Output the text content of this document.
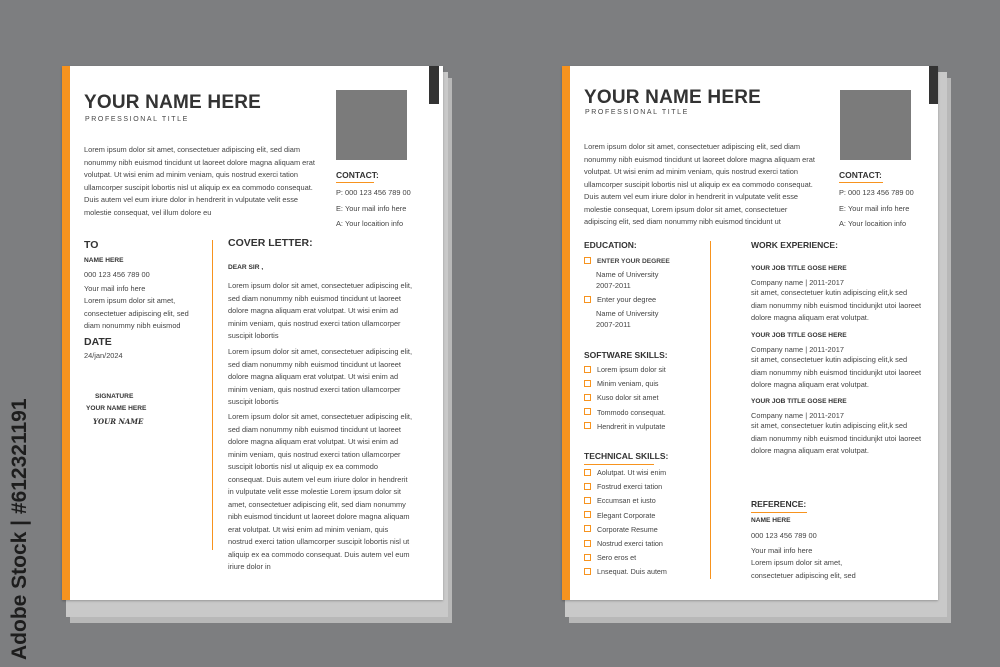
Adobe Stock | #612321191
YOUR NAME HERE
PROFESSIONAL TITLE
Lorem ipsum dolor sit amet, consectetuer adipiscing elit, sed diam nonummy nibh euismod tincidunt ut laoreet dolore magna aliquam erat volutpat. Ut wisi enim ad minim veniam, quis nostrud exerci tation ullamcorper suscipit lobortis nisl ut aliquip ex ea commodo consequat. Duis autem vel eum iriure dolor in hendrerit in vulputate velit esse molestie consequat, vel illum dolore eu
CONTACT:
P: 000 123 456 789 00
E: Your mail info here
A: Your locaition info
TO
NAME HERE
000 123 456 789 00
Your mail info here
Lorem ipsum dolor sit amet, consectetuer adipiscing elit, sed diam nonummy nibh euismod
DATE
24/jan/2024
SIGNATURE
YOUR NAME HERE
YOUR NAME
COVER LETTER:
DEAR SIR ,
Lorem ipsum dolor sit amet, consectetuer adipiscing elit, sed diam nonummy nibh euismod tincidunt ut laoreet dolore magna aliquam erat volutpat. Ut wisi enim ad minim veniam, quis nostrud exerci tation ullamcorper suscipit lobortis
Lorem ipsum dolor sit amet, consectetuer adipiscing elit, sed diam nonummy nibh euismod tincidunt ut laoreet dolore magna aliquam erat volutpat. Ut wisi enim ad minim veniam, quis nostrud exerci tation ullamcorper suscipit lobortis
Lorem ipsum dolor sit amet, consectetuer adipiscing elit, sed diam nonummy nibh euismod tincidunt ut laoreet dolore magna aliquam erat volutpat. Ut wisi enim ad minim veniam, quis nostrud exerci tation ullamcorper suscipit lobortis nisl ut aliquip ex ea commodo consequat. Duis autem vel eum iriure dolor in hendrerit in vulputate velit esse molestie Lorem ipsum dolor sit amet, consectetuer adipiscing elit, sed diam nonummy nibh euismod tincidunt ut laoreet dolore magna aliquam erat volutpat. Ut wisi enim ad minim veniam, quis nostrud exerci tation ullamcorper suscipit lobortis nisl ut aliquip ex ea commodo consequat. Duis autem vel eum iriure dolor in
YOUR NAME HERE
PROFESSIONAL TITLE
Lorem ipsum dolor sit amet, consectetuer adipiscing elit, sed diam nonummy nibh euismod tincidunt ut laoreet dolore magna aliquam erat volutpat. Ut wisi enim ad minim veniam, quis nostrud exerci tation ullamcorper suscipit lobortis nisl ut aliquip ex ea commodo consequat. Duis autem vel eum iriure dolor in hendrerit in vulputate velit esse molestie consequat, Lorem ipsum dolor sit amet, consectetuer adipiscing elit, sed diam nonummy nibh euismod tincidunt ut
CONTACT:
P: 000 123 456 789 00
E: Your mail info here
A: Your locaition info
EDUCATION:
ENTER YOUR DEGREE
Name of University
2007-2011
Enter your degree
Name of University
2007-2011
SOFTWARE SKILLS:
Lorem ipsum dolor sit
Minim veniam, quis
Kuso dolor sit amet
Tommodo consequat.
Hendrerit in vulputate
TECHNICAL SKILLS:
Aolutpat. Ut wisi enim
Fostrud exerci tation
Eccumsan et iusto
Elegant Corporate
Corporate Resume
Nostrud exerci tation
Sero eros et
Lnsequat. Duis autem
WORK EXPERIENCE:
YOUR JOB TITLE GOSE HERE
Company name | 2011-2017
sit amet, consectetuer kutin adipiscing elit,k sed diam nonummy nibh euismod tincidunjkt utoi laoreet dolore magna aliquam erat volutpat.
YOUR JOB TITLE GOSE HERE
Company name | 2011-2017
sit amet, consectetuer kutin adipiscing elit,k sed diam nonummy nibh euismod tincidunjkt utoi laoreet dolore magna aliquam erat volutpat.
YOUR JOB TITLE GOSE HERE
Company name | 2011-2017
sit amet, consectetuer kutin adipiscing elit,k sed diam nonummy nibh euismod tincidunjkt utoi laoreet dolore magna aliquam erat volutpat.
REFERENCE:
NAME HERE
000 123 456 789 00
Your mail info here
Lorem ipsum dolor sit amet, consectetuer adipiscing elit, sed
